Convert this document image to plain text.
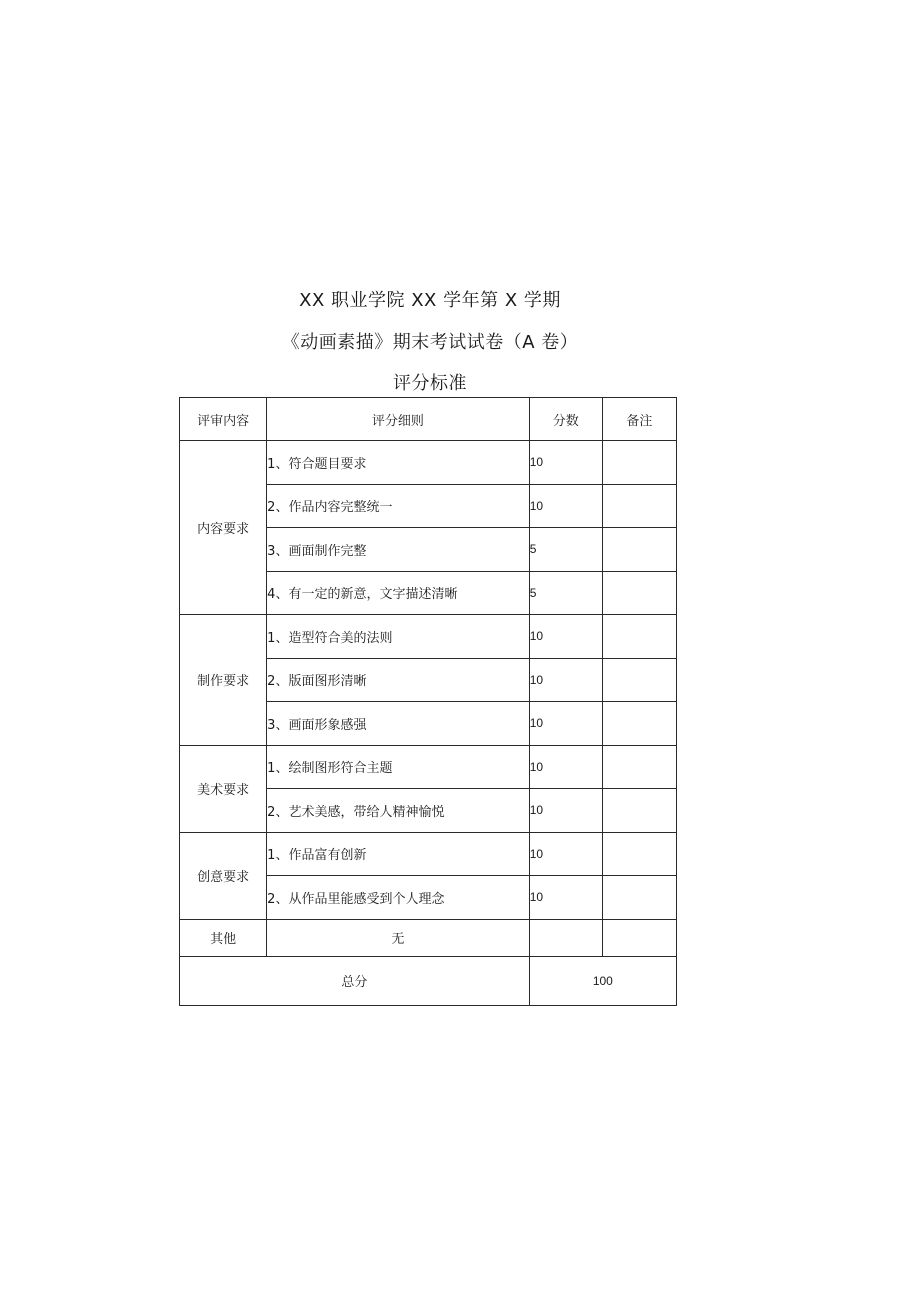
XX 职业学院 XX 学年第 X 学期
《动画素描》期末考试试卷（A 卷）
评分标准
评审内容	评分细则	分数	备注
内容要求	1、符合题目要求	10	
	2、作品内容完整统一	10	
	3、画面制作完整	5	
	4、有一定的新意，文字描述清晰	5	
制作要求	1、造型符合美的法则	10	
	2、版面图形清晰	10	
	3、画面形象感强	10	
美术要求	1、绘制图形符合主题	10	
	2、艺术美感，带给人精神愉悦	10	
创意要求	1、作品富有创新	10	
	2、从作品里能感受到个人理念	10	
其他	无		
总分		100	
